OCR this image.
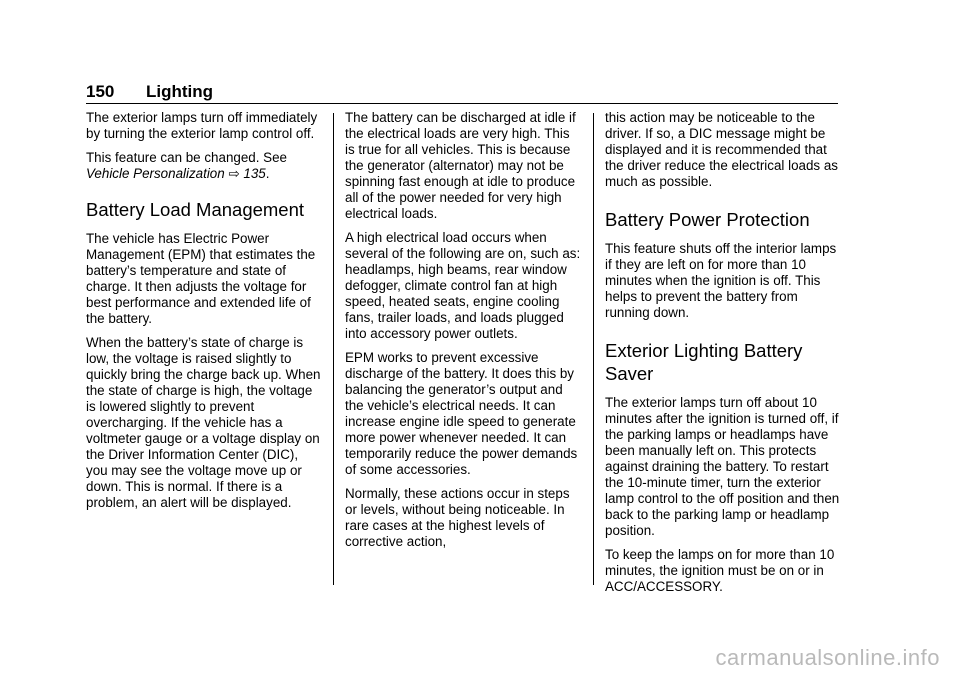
150 Lighting

The exterior lamps turn off immediately by turning the exterior lamp control off.

This feature can be changed. See Vehicle Personalization ⇨ 135.

Battery Load Management

The vehicle has Electric Power Management (EPM) that estimates the battery’s temperature and state of charge. It then adjusts the voltage for best performance and extended life of the battery.

When the battery’s state of charge is low, the voltage is raised slightly to quickly bring the charge back up. When the state of charge is high, the voltage is lowered slightly to prevent overcharging. If the vehicle has a voltmeter gauge or a voltage display on the Driver Information Center (DIC), you may see the voltage move up or down. This is normal. If there is a problem, an alert will be displayed.

The battery can be discharged at idle if the electrical loads are very high. This is true for all vehicles. This is because the generator (alternator) may not be spinning fast enough at idle to produce all of the power needed for very high electrical loads.

A high electrical load occurs when several of the following are on, such as: headlamps, high beams, rear window defogger, climate control fan at high speed, heated seats, engine cooling fans, trailer loads, and loads plugged into accessory power outlets.

EPM works to prevent excessive discharge of the battery. It does this by balancing the generator’s output and the vehicle’s electrical needs. It can increase engine idle speed to generate more power whenever needed. It can temporarily reduce the power demands of some accessories.

Normally, these actions occur in steps or levels, without being noticeable. In rare cases at the highest levels of corrective action,

this action may be noticeable to the driver. If so, a DIC message might be displayed and it is recommended that the driver reduce the electrical loads as much as possible.

Battery Power Protection

This feature shuts off the interior lamps if they are left on for more than 10 minutes when the ignition is off. This helps to prevent the battery from running down.

Exterior Lighting Battery Saver

The exterior lamps turn off about 10 minutes after the ignition is turned off, if the parking lamps or headlamps have been manually left on. This protects against draining the battery. To restart the 10-minute timer, turn the exterior lamp control to the off position and then back to the parking lamp or headlamp position.

To keep the lamps on for more than 10 minutes, the ignition must be on or in ACC/ACCESSORY.

carmanualsonline.info
